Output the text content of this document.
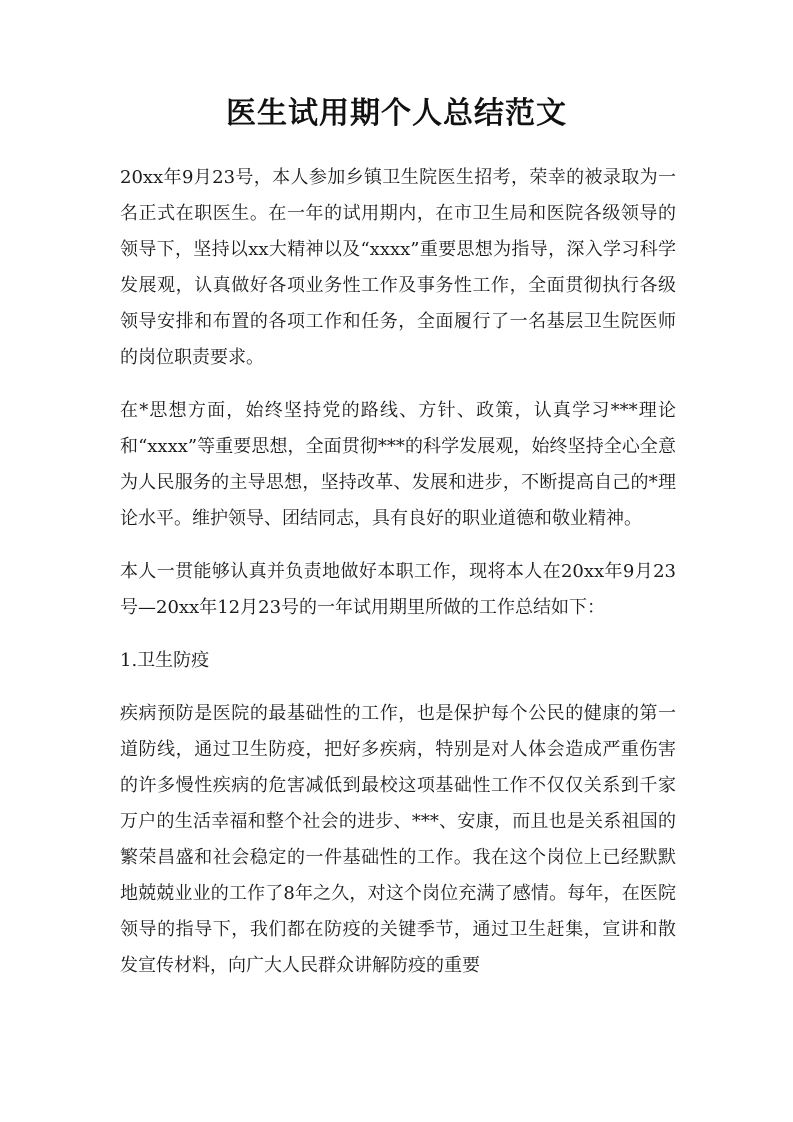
医生试用期个人总结范文

20xx年9月23号，本人参加乡镇卫生院医生招考，荣幸的被录取为一名正式在职医生。在一年的试用期内，在市卫生局和医院各级领导的领导下，坚持以xx大精神以及“xxxx”重要思想为指导，深入学习科学发展观，认真做好各项业务性工作及事务性工作，全面贯彻执行各级领导安排和布置的各项工作和任务，全面履行了一名基层卫生院医师的岗位职责要求。

在*思想方面，始终坚持党的路线、方针、政策，认真学习***理论和“xxxx”等重要思想，全面贯彻***的科学发展观，始终坚持全心全意为人民服务的主导思想，坚持改革、发展和进步，不断提高自己的*理论水平。维护领导、团结同志，具有良好的职业道德和敬业精神。

本人一贯能够认真并负责地做好本职工作，现将本人在20xx年9月23号—20xx年12月23号的一年试用期里所做的工作总结如下：

1.卫生防疫

疾病预防是医院的最基础性的工作，也是保护每个公民的健康的第一道防线，通过卫生防疫，把好多疾病，特别是对人体会造成严重伤害的许多慢性疾病的危害减低到最校这项基础性工作不仅仅关系到千家万户的生活幸福和整个社会的进步、***、安康，而且也是关系祖国的繁荣昌盛和社会稳定的一件基础性的工作。我在这个岗位上已经默默地兢兢业业的工作了8年之久，对这个岗位充满了感情。每年，在医院领导的指导下，我们都在防疫的关键季节，通过卫生赶集，宣讲和散发宣传材料，向广大人民群众讲解防疫的重要
